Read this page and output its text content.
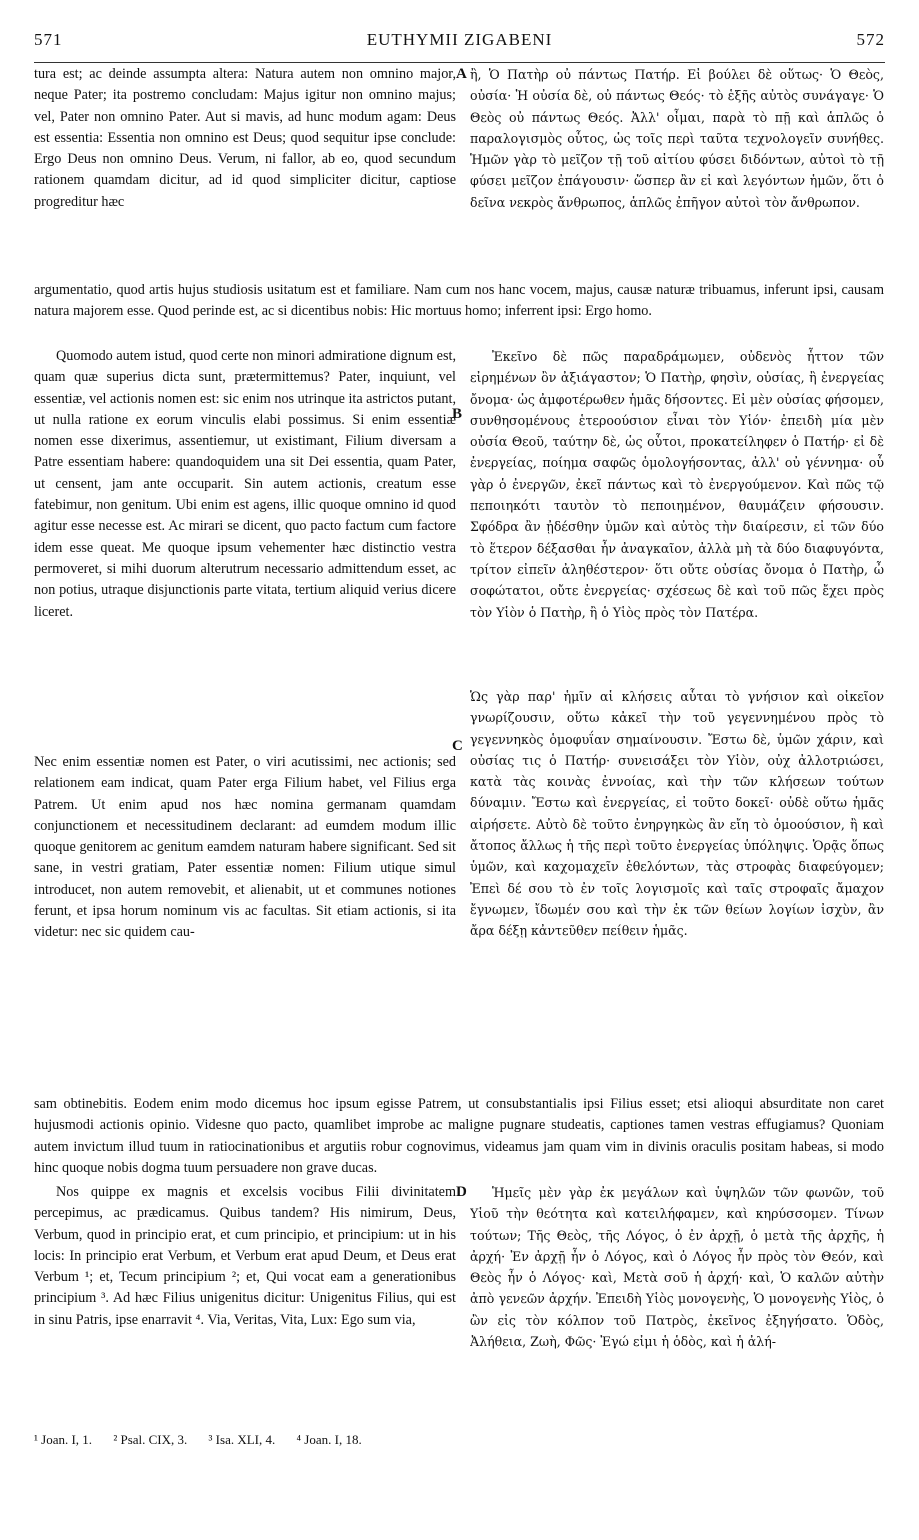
571	EUTHYMII ZIGABENI	572

tura est; ac deinde assumpta altera: Natura autem non omnino major, neque Pater; ita postremo concludam: Majus igitur non omnino majus; vel, Pater non omnino Pater. Aut si mavis, ad hunc modum agam: Deus est essentia: Essentia non omnino est Deus; quod sequitur ipse conclude: Ergo Deus non omnino Deus. Verum, ni fallor, ab eo, quod secundum rationem quamdam dicitur, ad id quod simpliciter dicitur, captiose progreditur hæc

A ἢ, Ὁ Πατὴρ οὐ πάντως Πατήρ. Εἰ βούλει δὲ οὕτως· Ὁ Θεὸς, οὐσία· Ἡ οὐσία δὲ, οὐ πάντως Θεός· τὸ ἑξῆς αὐτὸς συνάγαγε· Ὁ Θεὸς οὐ πάντως Θεός. Ἀλλ' οἶμαι, παρὰ τὸ πῇ καὶ ἁπλῶς ὁ παραλογισμὸς οὗτος, ὡς τοῖς περὶ ταῦτα τεχνολογεῖν συνήθες. Ἡμῶν γὰρ τὸ μεῖζον τῇ τοῦ αἰτίου φύσει διδόντων, αὐτοὶ τὸ τῇ φύσει μεῖζον ἐπάγουσιν· ὥσπερ ἂν εἰ καὶ λεγόντων ἡμῶν, ὅτι ὁ δεῖνα νεκρὸς ἄνθρωπος, ἁπλῶς ἐπῆγον αὐτοὶ τὸν ἄνθρωπον.

argumentatio, quod artis hujus studiosis usitatum est et familiare. Nam cum nos hanc vocem, majus, causæ naturæ tribuamus, inferunt ipsi, causam natura majorem esse. Quod perinde est, ac si dicentibus nobis: Hic mortuus homo; inferrent ipsi: Ergo homo.

Quomodo autem istud, quod certe non minori admiratione dignum est, quam quæ superius dicta sunt, prætermittemus? Pater, inquiunt, vel essentiæ, vel actionis nomen est: sic enim nos utrinque ita astrictos putant, ut nulla ratione ex eorum vinculis elabi possimus. Si enim essentiæ nomen esse dixerimus, assentiemur, ut existimant, Filium diversam a Patre essentiam habere: quandoquidem una sit Dei essentia, quam Pater, ut censent, jam ante occuparit. Sin autem actionis, creatum esse fatebimur, non genitum. Ubi enim est agens, illic quoque omnino id quod agitur esse necesse est. Ac mirari se dicent, quo pacto factum cum factore idem esse queat. Me quoque ipsum vehementer hæc distinctio vestra permoveret, si mihi duorum alterutrum necessario admittendum esset, ac non potius, utraque disjunctionis parte vitata, tertium aliquid verius dicere liceret.

B

Ἐκεῖνο δὲ πῶς παραδράμωμεν, οὐδενὸς ἧττον τῶν εἰρημένων ὂν ἀξιάγαστον; Ὁ Πατὴρ, φησὶν, οὐσίας, ἢ ἐνεργείας ὄνομα· ὡς ἀμφοτέρωθεν ἡμᾶς δήσοντες. Εἰ μὲν οὐσίας φήσομεν, συνθησομένους ἑτεροούσιον εἶναι τὸν Υἱόν· ἐπειδὴ μία μὲν οὐσία Θεοῦ, ταύτην δὲ, ὡς οὗτοι, προκατείληφεν ὁ Πατήρ· εἰ δὲ ἐνεργείας, ποίημα σαφῶς ὁμολογήσοντας, ἀλλ' οὐ γέννημα· οὗ γὰρ ὁ ἐνεργῶν, ἐκεῖ πάντως καὶ τὸ ἐνεργούμενον. Καὶ πῶς τῷ πεποιηκότι ταυτὸν τὸ πεποιημένον, θαυμάζειν φήσουσιν. Σφόδρα ἂν ᾐδέσθην ὑμῶν καὶ αὐτὸς τὴν διαίρεσιν, εἰ τῶν δύο τὸ ἕτερον δέξασθαι ἦν ἀναγκαῖον, ἀλλὰ μὴ τὰ δύο διαφυγόντα, τρίτον εἰπεῖν ἀληθέστερον· ὅτι οὔτε οὐσίας ὄνομα ὁ Πατὴρ, ὦ σοφώτατοι, οὔτε ἐνεργείας· σχέσεως δὲ καὶ τοῦ πῶς ἔχει πρὸς τὸν Υἱὸν ὁ Πατὴρ, ἢ ὁ Υἱὸς πρὸς τὸν Πατέρα.

C

Nec enim essentiæ nomen est Pater, o viri acutissimi, nec actionis; sed relationem eam indicat, quam Pater erga Filium habet, vel Filius erga Patrem. Ut enim apud nos hæc nomina germanam quamdam conjunctionem et necessitudinem declarant: ad eumdem modum illic quoque genitorem ac genitum eamdem naturam habere significant. Sed sit sane, in vestri gratiam, Pater essentiæ nomen: Filium utique simul introducet, non autem removebit, et alienabit, ut et communes notiones ferunt, et ipsa horum nominum vis ac facultas. Sit etiam actionis, si ita videtur: nec sic quidem cau-

Ὡς γὰρ παρ' ἡμῖν αἱ κλήσεις αὗται τὸ γνήσιον καὶ οἰκεῖον γνωρίζουσιν, οὕτω κἀκεῖ τὴν τοῦ γεγεννημένου πρὸς τὸ γεγεννηκὸς ὁμοφυΐαν σημαίνουσιν. Ἔστω δὲ, ὑμῶν χάριν, καὶ οὐσίας τις ὁ Πατήρ· συνεισάξει τὸν Υἱὸν, οὐχ ἀλλοτριώσει, κατὰ τὰς κοινὰς ἐννοίας, καὶ τὴν τῶν κλήσεων τούτων δύναμιν. Ἔστω καὶ ἐνεργείας, εἰ τοῦτο δοκεῖ· οὐδὲ οὕτω ἡμᾶς αἱρήσετε. Αὐτὸ δὲ τοῦτο ἐνηργηκὼς ἂν εἴη τὸ ὁμοούσιον, ἢ καὶ ἄτοπος ἄλλως ἡ τῆς περὶ τοῦτο ἐνεργείας ὑπόληψις. Ὁρᾷς ὅπως ὑμῶν, καὶ καχομαχεῖν ἐθελόντων, τὰς στροφὰς διαφεύγομεν; Ἐπεὶ δέ σου τὸ ἐν τοῖς λογισμοῖς καὶ ταῖς στροφαῖς ἄμαχον ἔγνωμεν, ἴδωμέν σου καὶ τὴν ἐκ τῶν θείων λογίων ἰσχὺν, ἂν ἄρα δέξῃ κἀντεῦθεν πείθειν ἡμᾶς.

sam obtinebitis. Eodem enim modo dicemus hoc ipsum egisse Patrem, ut consubstantialis ipsi Filius esset; etsi alioqui absurditate non caret hujusmodi actionis opinio. Videsne quo pacto, quamlibet improbe ac maligne pugnare studeatis, captiones tamen vestras effugiamus? Quoniam autem invictum illud tuum in ratiocinationibus et argutiis robur cognovimus, videamus jam quam vim in divinis oraculis positam habeas, si modo hinc quoque nobis dogma tuum persuadere non grave ducas.

Nos quippe ex magnis et excelsis vocibus Filii divinitatem percepimus, ac prædicamus. Quibus tandem? His nimirum, Deus, Verbum, quod in principio erat, et cum principio, et principium: ut in his locis: In principio erat Verbum, et Verbum erat apud Deum, et Deus erat Verbum ¹; et, Tecum principium ²; et, Qui vocat eam a generationibus principium ³. Ad hæc Filius unigenitus dicitur: Unigenitus Filius, qui est in sinu Patris, ipse enarravit ⁴. Via, Veritas, Vita, Lux: Ego sum via,

D	Ἡμεῖς μὲν γὰρ ἐκ μεγάλων καὶ ὑψηλῶν τῶν φωνῶν, τοῦ Υἱοῦ τὴν θεότητα καὶ κατειλήφαμεν, καὶ κηρύσσομεν. Τίνων τούτων; Τῆς Θεὸς, τῆς Λόγος, ὁ ἐν ἀρχῇ, ὁ μετὰ τῆς ἀρχῆς, ἡ ἀρχή· Ἐν ἀρχῇ ἦν ὁ Λόγος, καὶ ὁ Λόγος ἦν πρὸς τὸν Θεόν, καὶ Θεὸς ἦν ὁ Λόγος· καὶ, Μετὰ σοῦ ἡ ἀρχή· καὶ, Ὁ καλῶν αὐτὴν ἀπὸ γενεῶν ἀρχήν. Ἐπειδὴ Υἱὸς μονογενὴς, Ὁ μονογενὴς Υἱὸς, ὁ ὢν εἰς τὸν κόλπον τοῦ Πατρὸς, ἐκεῖνος ἐξηγήσατο. Ὁδὸς, Ἀλήθεια, Ζωὴ, Φῶς· Ἐγώ εἰμι ἡ ὁδὸς, καὶ ἡ ἀλή-

¹ Joan. I, 1. ² Psal. CIX, 3. ³ Isa. XLI, 4. ⁴ Joan. I, 18.
